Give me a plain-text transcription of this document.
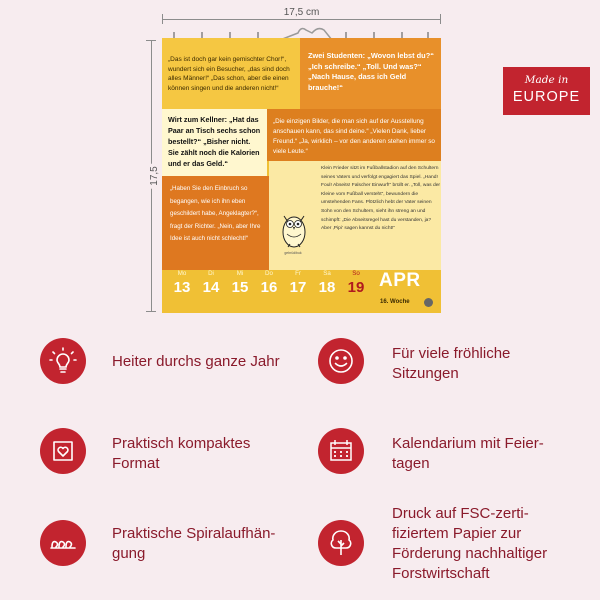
17,5 cm
17,5
„Das ist doch gar kein gemischter Chor!“, wundert sich ein Besucher, „das sind doch alles Männer!“ „Das schon, aber die einen können singen und die anderen nicht!“
Zwei Studenten: „Wovon lebst du?“ „Ich schreibe.“ „Toll. Und was?“ „Nach Hause, dass ich Geld brauche!“
Wirt zum Kellner: „Hat das Paar an Tisch sechs schon bestellt?“ „Bisher nicht. Sie zählt noch die Kalorien und er das Geld.“
„Die einzigen Bilder, die man sich auf der Ausstellung anschauen kann, das sind deine.“ „Vielen Dank, lieber Freund.“ „Ja, wirklich – vor den anderen stehen immer so viele Leute.“
„Haben Sie den Einbruch so begangen, wie ich ihn eben geschildert habe, Angeklagter?“, fragt der Richter. „Nein, aber Ihre Idee ist auch nicht schlecht!“
Klein Frieder sitzt im Fußballstadion auf den Schultern seines Vaters und verfolgt engagiert das Spiel. „Hand! Foul! Abseits! Falscher Einwurf!“ brüllt er. „Toll, was der Kleine vom Fußball versteht“, bewundern die umstehenden Fans. Plötzlich hebt der Vater seinen Sohn von den Schultern, sieht ihn streng an und schimpft: „Die Abseitsregel hast du verstanden, ja? Aber ‚Pipi‘ sagen kannst du nicht!“
gebrüdibuk
Mo
13
Di
14
Mi
15
Do
16
Fr
17
Sa
18
So
19 APR
16. Woche
Made in
EUROPE
Heiter durchs ganze Jahr	Für viele fröhliche Sitzungen
Praktisch kompaktes Format
Kalendarium mit Feier-tagen
Praktische Spiralaufhän-gung
Druck auf FSC-zerti-fiziertem Papier zur Förderung nachhaltiger Forstwirtschaft
